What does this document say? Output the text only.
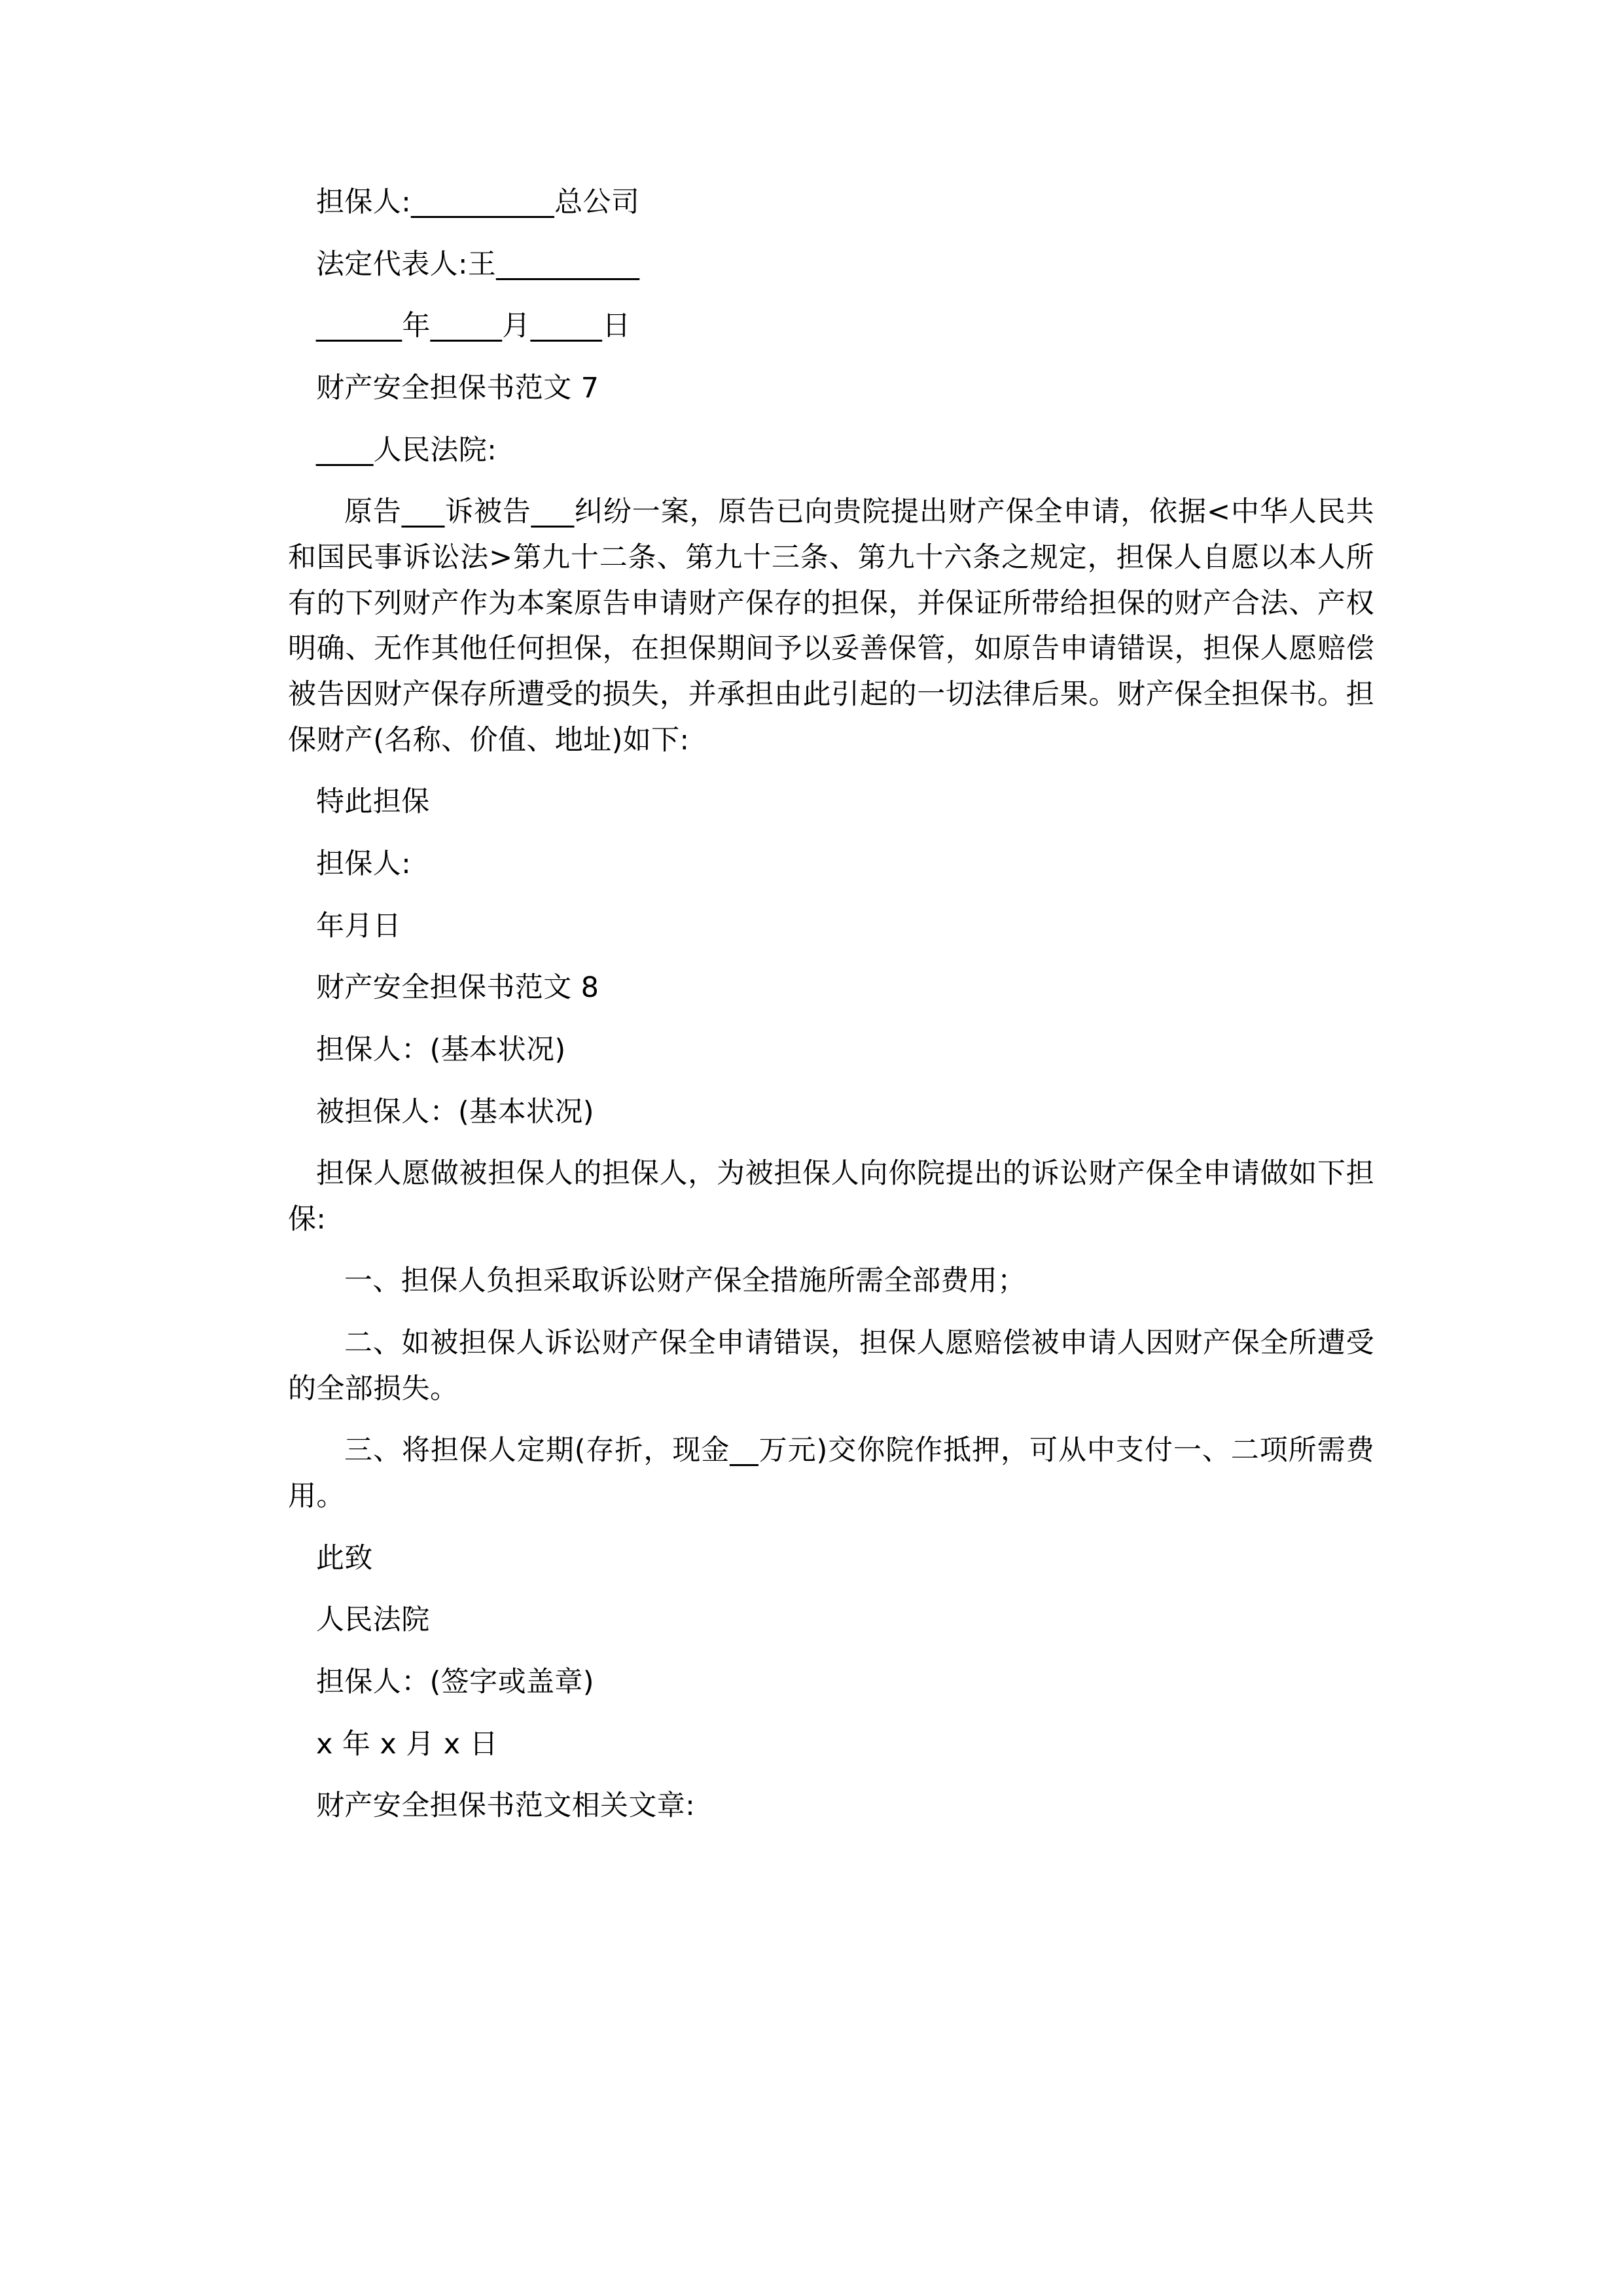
担保人:__________总公司

法定代表人:王__________

______年_____月_____日

财产安全担保书范文 7

____人民法院:

原告___诉被告___纠纷一案，原告已向贵院提出财产保全申请，依据<中华人民共和国民事诉讼法>第九十二条、第九十三条、第九十六条之规定，担保人自愿以本人所有的下列财产作为本案原告申请财产保存的担保，并保证所带给担保的财产合法、产权明确、无作其他任何担保，在担保期间予以妥善保管，如原告申请错误，担保人愿赔偿被告因财产保存所遭受的损失，并承担由此引起的一切法律后果。财产保全担保书。担保财产(名称、价值、地址)如下:

特此担保

担保人:

年月日

财产安全担保书范文 8

担保人：(基本状况)

被担保人：(基本状况)

担保人愿做被担保人的担保人，为被担保人向你院提出的诉讼财产保全申请做如下担保:

一、担保人负担采取诉讼财产保全措施所需全部费用；

二、如被担保人诉讼财产保全申请错误，担保人愿赔偿被申请人因财产保全所遭受的全部损失。

三、将担保人定期(存折，现金__万元)交你院作抵押，可从中支付一、二项所需费用。

此致

人民法院

担保人：(签字或盖章)

x 年 x 月 x 日

财产安全担保书范文相关文章:
